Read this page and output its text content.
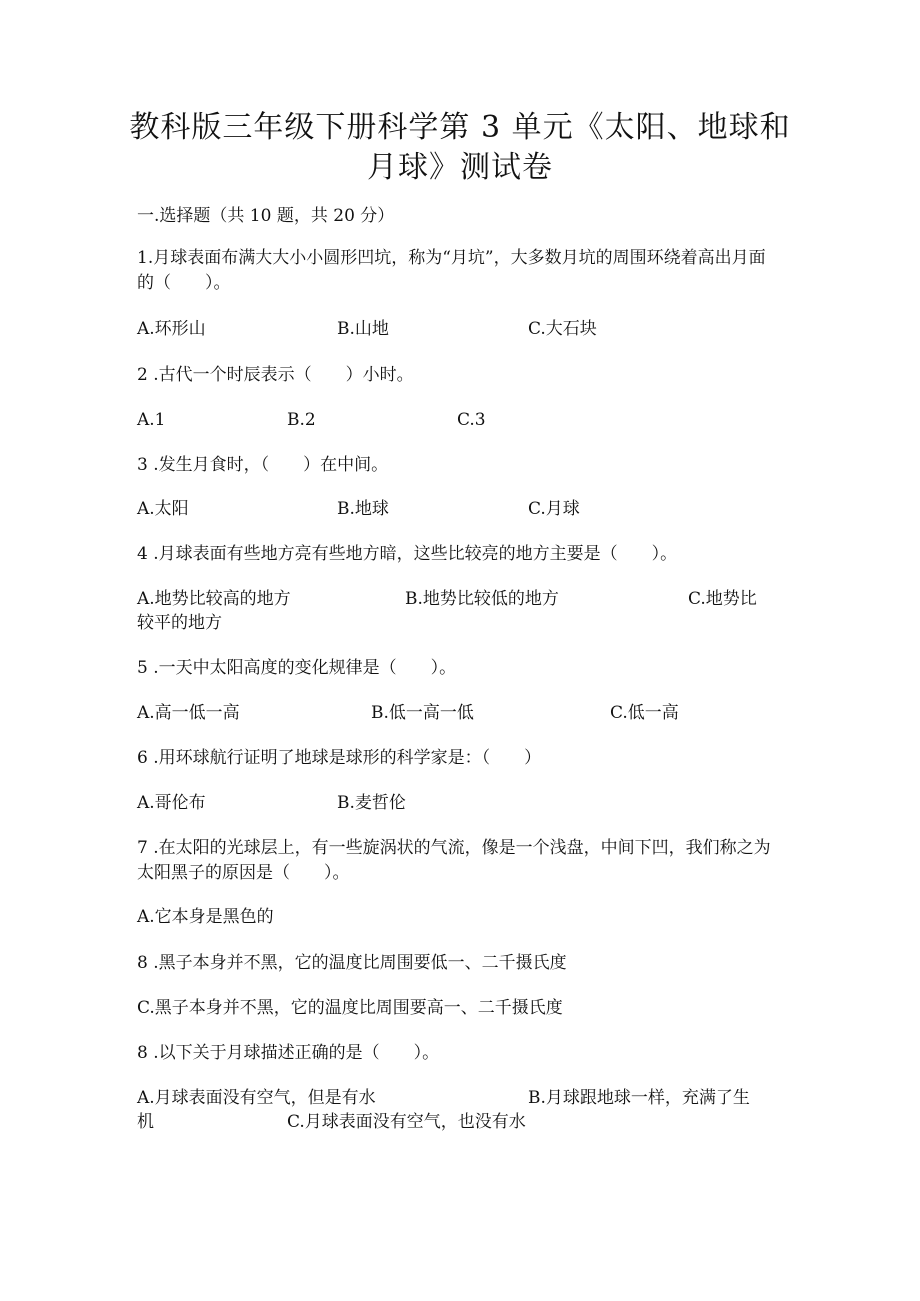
教科版三年级下册科学第 3 单元《太阳、地球和月球》测试卷
一.选择题（共 10 题，共 20 分）
1.月球表面布满大大小小圆形凹坑，称为“月坑”，大多数月坑的周围环绕着高出月面的（　　）。
A.环形山	B.山地	C.大石块
2 .古代一个时辰表示（　　）小时。
A.1	B.2	C.3
3 .发生月食时，（　　）在中间。
A.太阳	B.地球	C.月球
4 .月球表面有些地方亮有些地方暗，这些比较亮的地方主要是（　　）。
A.地势比较高的地方	B.地势比较低的地方	C.地势比
较平的地方
5 .一天中太阳高度的变化规律是（　　）。
A.高一低一高	B.低一高一低	C.低一高
6 .用环球航行证明了地球是球形的科学家是：（　　）
A.哥伦布	B.麦哲伦
7 .在太阳的光球层上，有一些旋涡状的气流，像是一个浅盘，中间下凹，我们称之为太阳黑子的原因是（　　）。
A.它本身是黑色的
8 .黑子本身并不黑，它的温度比周围要低一、二千摄氏度
C.黑子本身并不黑，它的温度比周围要高一、二千摄氏度
8 .以下关于月球描述正确的是（　　）。
A.月球表面没有空气，但是有水	B.月球跟地球一样，充满了生
机	C.月球表面没有空气，也没有水
